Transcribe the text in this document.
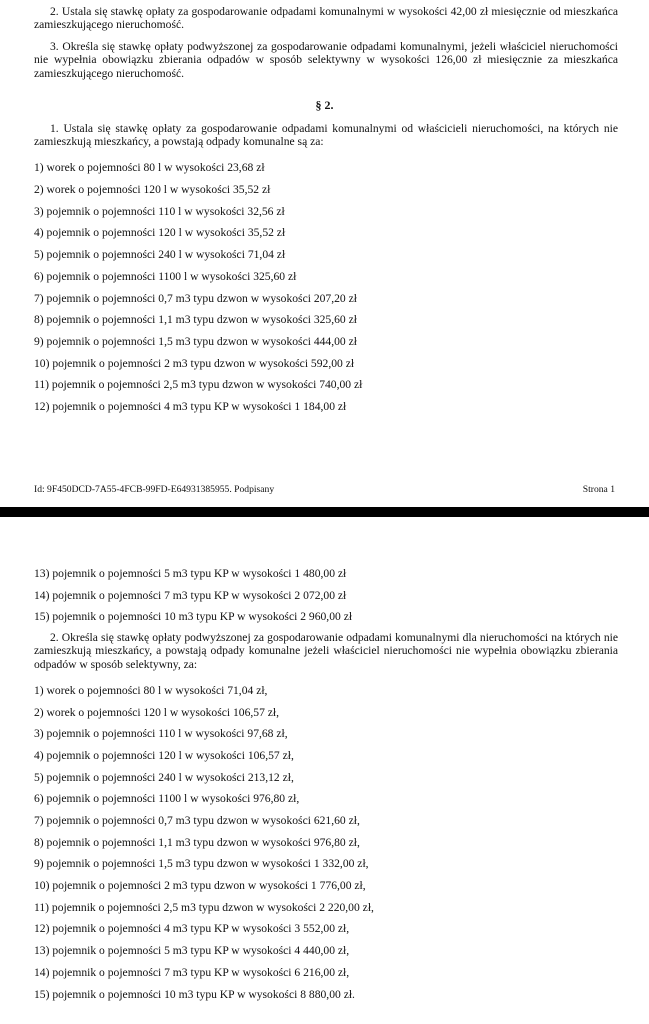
2. Ustala się stawkę opłaty za gospodarowanie odpadami komunalnymi w wysokości 42,00 zł miesięcznie od mieszkańca zamieszkującego nieruchomość.

3. Określa się stawkę opłaty podwyższonej za gospodarowanie odpadami komunalnymi, jeżeli właściciel nieruchomości nie wypełnia obowiązku zbierania odpadów w sposób selektywny w wysokości 126,00 zł miesięcznie za mieszkańca zamieszkującego nieruchomość.

§ 2.

1. Ustala się stawkę opłaty za gospodarowanie odpadami komunalnymi od właścicieli nieruchomości, na których nie zamieszkują mieszkańcy, a powstają odpady komunalne są za:

1) worek o pojemności 80 l w wysokości 23,68 zł

2) worek o pojemności 120 l w wysokości 35,52 zł

3) pojemnik o pojemności 110 l w wysokości 32,56 zł

4) pojemnik o pojemności 120 l w wysokości 35,52 zł

5) pojemnik o pojemności 240 l w wysokości 71,04 zł

6) pojemnik o pojemności 1100 l w wysokości 325,60 zł

7) pojemnik o pojemności 0,7 m3 typu dzwon w wysokości 207,20 zł

8) pojemnik o pojemności 1,1 m3 typu dzwon w wysokości 325,60 zł

9) pojemnik o pojemności 1,5 m3 typu dzwon w wysokości 444,00 zł

10) pojemnik o pojemności 2 m3 typu dzwon w wysokości 592,00 zł

11) pojemnik o pojemności 2,5 m3 typu dzwon w wysokości 740,00 zł

12) pojemnik o pojemności 4 m3 typu KP w wysokości 1 184,00 zł

Id: 9F450DCD-7A55-4FCB-99FD-E64931385955. Podpisany	Strona 1

13) pojemnik o pojemności 5 m3 typu KP w wysokości 1 480,00 zł

14) pojemnik o pojemności 7 m3 typu KP w wysokości 2 072,00 zł

15) pojemnik o pojemności 10 m3 typu KP w wysokości 2 960,00 zł

2. Określa się stawkę opłaty podwyższonej za gospodarowanie odpadami komunalnymi dla nieruchomości na których nie zamieszkują mieszkańcy, a powstają odpady komunalne jeżeli właściciel nieruchomości nie wypełnia obowiązku zbierania odpadów w sposób selektywny, za:

1) worek o pojemności 80 l w wysokości 71,04 zł,

2) worek o pojemności 120 l w wysokości 106,57 zł,

3) pojemnik o pojemności 110 l w wysokości 97,68 zł,

4) pojemnik o pojemności 120 l w wysokości 106,57 zł,

5) pojemnik o pojemności 240 l w wysokości 213,12 zł,

6) pojemnik o pojemności 1100 l w wysokości 976,80 zł,

7) pojemnik o pojemności 0,7 m3 typu dzwon w wysokości 621,60 zł,

8) pojemnik o pojemności 1,1 m3 typu dzwon w wysokości 976,80 zł,

9) pojemnik o pojemności 1,5 m3 typu dzwon w wysokości 1 332,00 zł,

10) pojemnik o pojemności 2 m3 typu dzwon w wysokości 1 776,00 zł,

11) pojemnik o pojemności 2,5 m3 typu dzwon w wysokości 2 220,00 zł,

12) pojemnik o pojemności 4 m3 typu KP w wysokości 3 552,00 zł,

13) pojemnik o pojemności 5 m3 typu KP w wysokości 4 440,00 zł,

14) pojemnik o pojemności 7 m3 typu KP w wysokości 6 216,00 zł,

15) pojemnik o pojemności 10 m3 typu KP w wysokości 8 880,00 zł.
